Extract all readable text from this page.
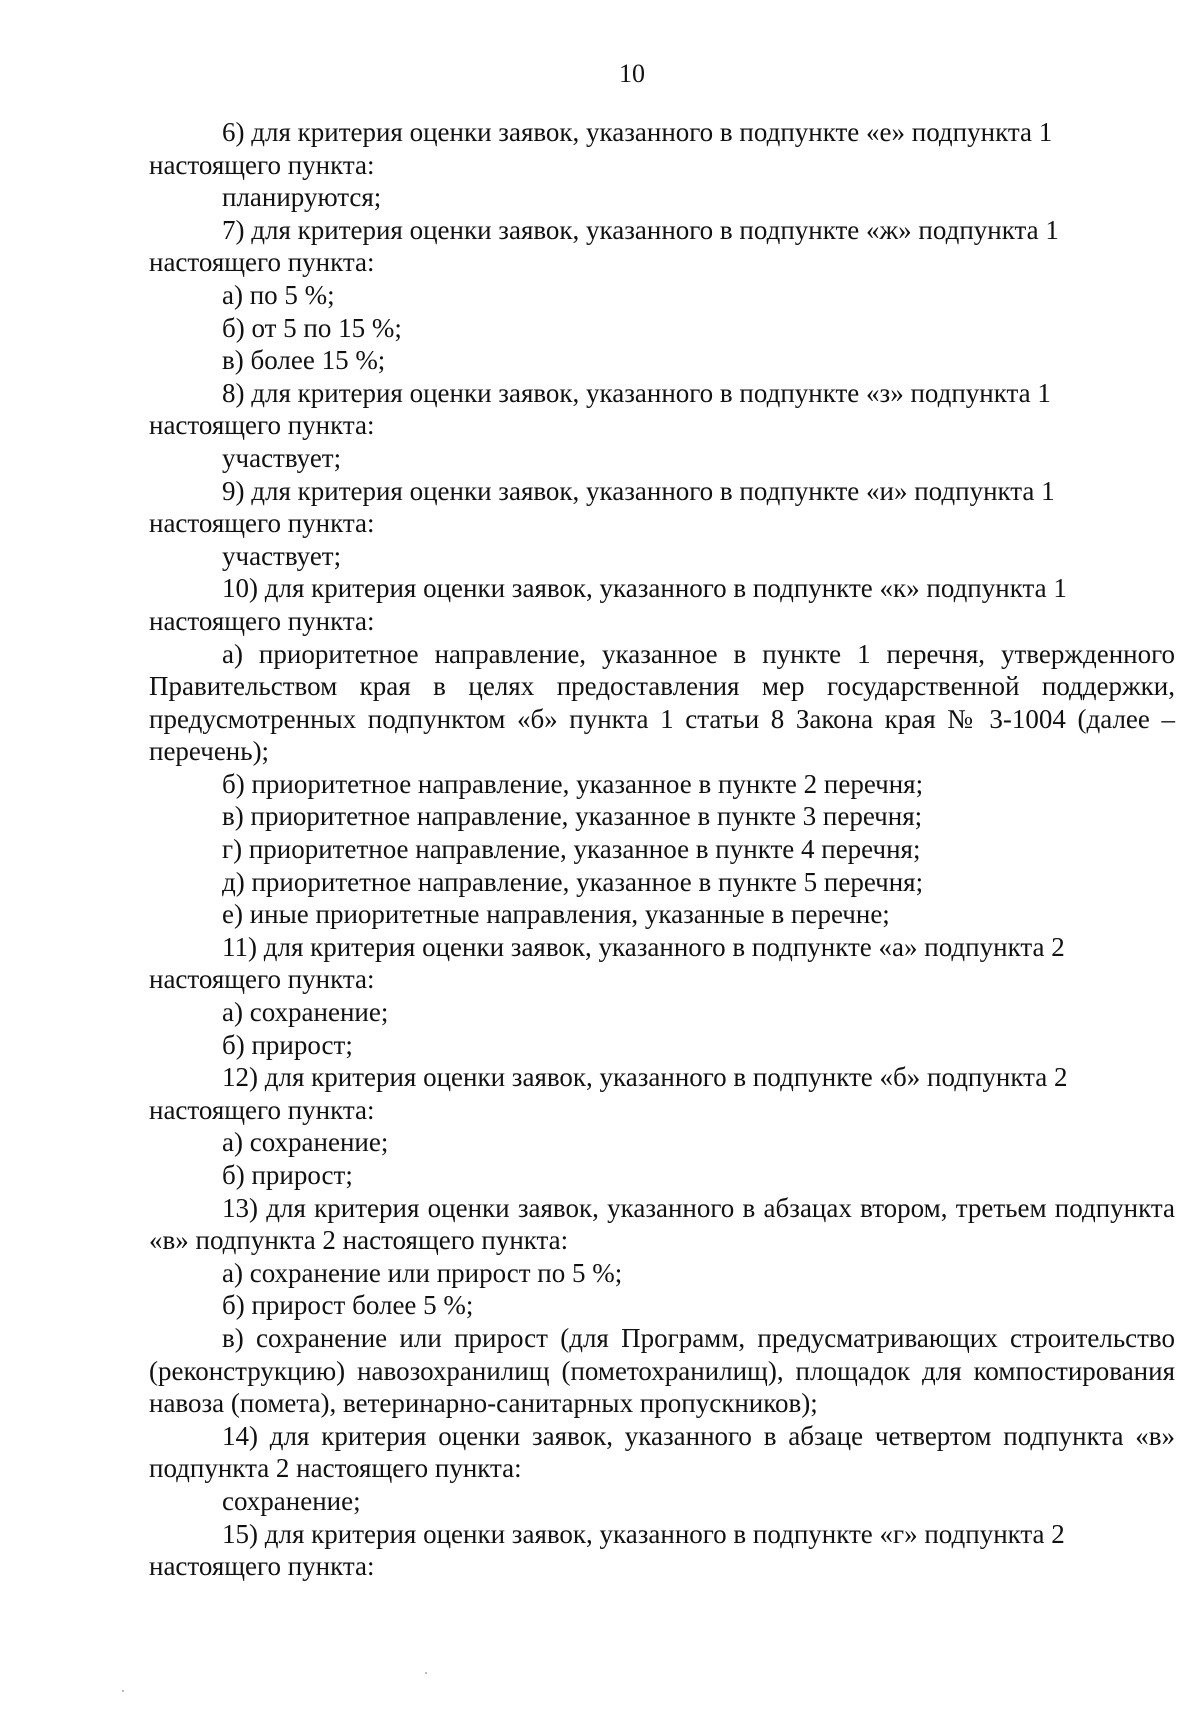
10

6) для критерия оценки заявок, указанного в подпункте «е» подпункта 1

настоящего пункта:

планируются;

7) для критерия оценки заявок, указанного в подпункте «ж» подпункта 1

настоящего пункта:

а) по 5 %;

б) от 5 по 15 %;

в) более 15 %;

8) для критерия оценки заявок, указанного в подпункте «з» подпункта 1

настоящего пункта:

участвует;

9) для критерия оценки заявок, указанного в подпункте «и» подпункта 1

настоящего пункта:

участвует;

10) для критерия оценки заявок, указанного в подпункте «к» подпункта 1

настоящего пункта:

а) приоритетное направление, указанное в пункте 1 перечня, утвержденного Правительством края в целях предоставления мер государственной поддержки, предусмотренных подпунктом «б» пункта 1 статьи 8 Закона края № 3-1004 (далее – перечень);

б) приоритетное направление, указанное в пункте 2 перечня;

в) приоритетное направление, указанное в пункте 3 перечня;

г) приоритетное направление, указанное в пункте 4 перечня;

д) приоритетное направление, указанное в пункте 5 перечня;

е) иные приоритетные направления, указанные в перечне;

11) для критерия оценки заявок, указанного в подпункте «а» подпункта 2

настоящего пункта:

а) сохранение;

б) прирост;

12) для критерия оценки заявок, указанного в подпункте «б» подпункта 2

настоящего пункта:

а) сохранение;

б) прирост;

13) для критерия оценки заявок, указанного в абзацах втором, третьем подпункта «в» подпункта 2 настоящего пункта:

а) сохранение или прирост по 5 %;

б) прирост более 5 %;

в) сохранение или прирост (для Программ, предусматривающих строительство (реконструкцию) навозохранилищ (пометохранилищ), площадок для компостирования навоза (помета), ветеринарно-санитарных пропускников);

14) для критерия оценки заявок, указанного в абзаце четвертом подпункта «в» подпункта 2 настоящего пункта:

сохранение;

15) для критерия оценки заявок, указанного в подпункте «г» подпункта 2

настоящего пункта:
